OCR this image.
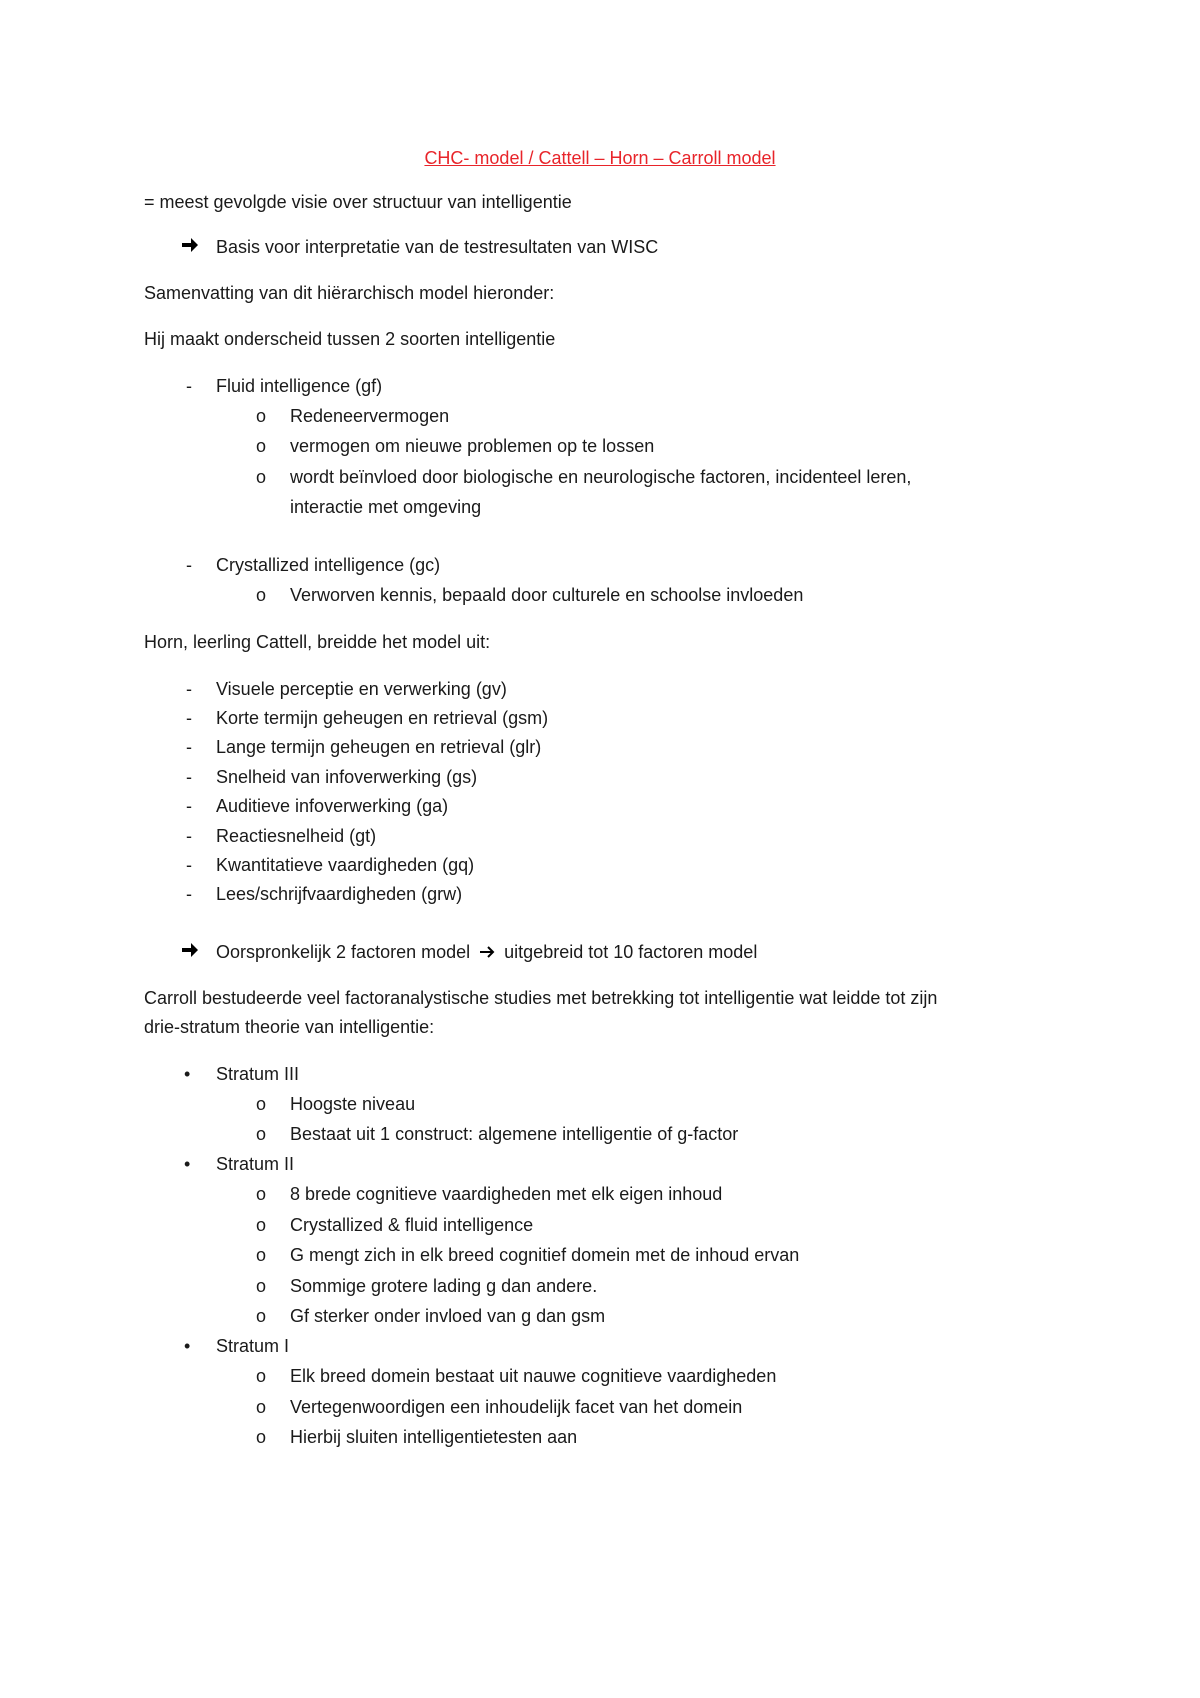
CHC- model / Cattell – Horn – Carroll model
= meest gevolgde visie over structuur van intelligentie
Basis voor interpretatie van de testresultaten van WISC
Samenvatting van dit hiërarchisch model hieronder:
Hij maakt onderscheid tussen 2 soorten intelligentie
- Fluid intelligence (gf)
o Redeneervermogen
o vermogen om nieuwe problemen op te lossen
o wordt beïnvloed door biologische en neurologische factoren, incidenteel leren,
interactie met omgeving
- Crystallized intelligence (gc)
o Verworven kennis, bepaald door culturele en schoolse invloeden
Horn, leerling Cattell, breidde het model uit:
- Visuele perceptie en verwerking (gv)
- Korte termijn geheugen en retrieval (gsm)
- Lange termijn geheugen en retrieval (glr)
- Snelheid van infoverwerking (gs)
- Auditieve infoverwerking (ga)
- Reactiesnelheid (gt)
- Kwantitatieve vaardigheden (gq)
- Lees/schrijfvaardigheden (grw)
Oorspronkelijk 2 factoren model uitgebreid tot 10 factoren model
Carroll bestudeerde veel factoranalystische studies met betrekking tot intelligentie wat leidde tot zijn
drie-stratum theorie van intelligentie:
• Stratum III
o Hoogste niveau
o Bestaat uit 1 construct: algemene intelligentie of g-factor
• Stratum II
o 8 brede cognitieve vaardigheden met elk eigen inhoud
o Crystallized & fluid intelligence
o G mengt zich in elk breed cognitief domein met de inhoud ervan
o Sommige grotere lading g dan andere.
o Gf sterker onder invloed van g dan gsm
• Stratum I
o Elk breed domein bestaat uit nauwe cognitieve vaardigheden
o Vertegenwoordigen een inhoudelijk facet van het domein
o Hierbij sluiten intelligentietesten aan
